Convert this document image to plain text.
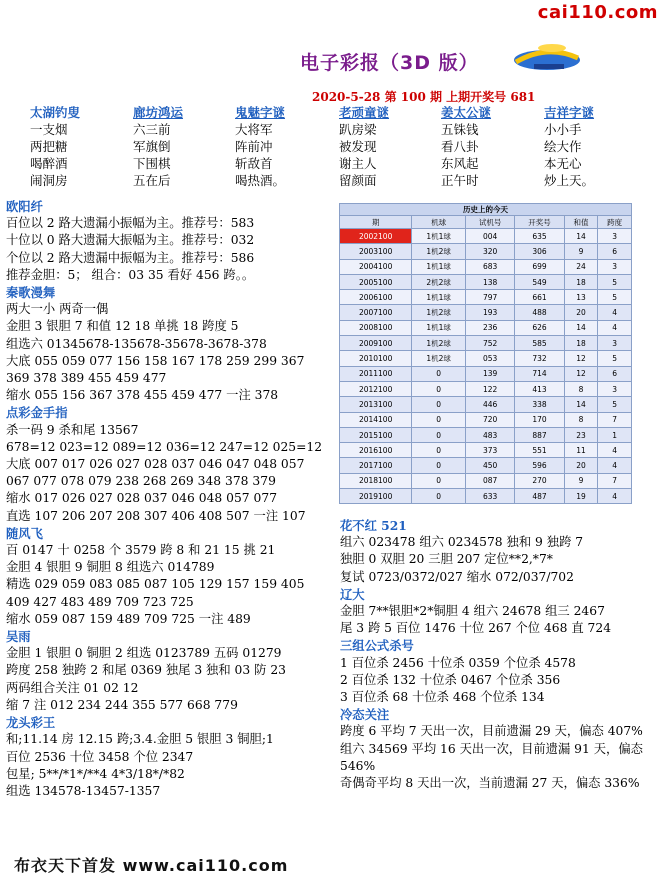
cai110.com
电子彩报（3D 版）
2020-5-28 第 100 期 上期开奖号 681
太湖钓叟	廊坊鸿运	鬼魅字谜	老顽童谜	姜太公谜	吉祥字谜
一支烟	六三前	大将军	趴房梁	五铢钱	小小手
两把糖	军旗倒	阵前冲	被发现	看八卦	绘大作
喝醉酒	下围棋	斩敌首	谢主人	东风起	本无心
闹洞房	五在后	喝热酒。	留颜面	正午时	炒上天。
欧阳纤
百位以 2 路大遗漏小振幅为主。推荐号：583
十位以 0 路大遗漏大振幅为主。推荐号：032
个位以 2 路大遗漏中振幅为主。推荐号：586
推荐金胆：5； 组合：03 35 看好 456 跨。。
秦歌漫舞
两大一小 两奇一偶
金胆 3 银胆 7 和值 12 18 单挑 18 跨度 5
组选六 01345678-135678-35678-3678-378
大底 055 059 077 156 158 167 178 259 299 367
369 378 389 455 459 477
缩水 055 156 367 378 455 459 477 一注 378
点彩金手指
杀一码 9 杀和尾 13567
678=12 023=12 089=12 036=12 247=12 025=12
大底 007 017 026 027 028 037 046 047 048 057
067 077 078 079 238 268 269 348 378 379
缩水 017 026 027 028 037 046 048 057 077
直选 107 206 207 208 307 406 408 507 一注 107
随风飞
百 0147 十 0258 个 3579 跨 8 和 21 15 挑 21
金胆 4 银胆 9 铜胆 8 组选六 014789
精选 029 059 083 085 087 105 129 157 159 405
409 427 483 489 709 723 725
缩水 059 087 159 489 709 725 一注 489
吴雨
金胆 1 银胆 0 铜胆 2 组选 0123789 五码 01279
跨度 258 独跨 2 和尾 0369 独尾 3 独和 03 防 23
两码组合关注 01 02 12
缩 7 注 012 234 244 355 577 668 779
龙头彩王
和;11.14 房 12.15 跨;3.4.金胆 5 银胆 3 铜胆;1
百位 2536 十位 3458 个位 2347
包星; 5**/*1*/**4 4*3/18*/*82
组选 134578-13457-1357
历史上的今天					
期	机球	试机号	开奖号	和值	跨度
2002100	1机1球	004	635	14	3
2003100	1机2球	320	306	9	6
2004100	1机1球	683	699	24	3
2005100	2机2球	138	549	18	5
2006100	1机1球	797	661	13	5
2007100	1机2球	193	488	20	4
2008100	1机1球	236	626	14	4
2009100	1机2球	752	585	18	3
2010100	1机2球	053	732	12	5
2011100	0	139	714	12	6
2012100	0	122	413	8	3
2013100	0	446	338	14	5
2014100	0	720	170	8	7
2015100	0	483	887	23	1
2016100	0	373	551	11	4
2017100	0	450	596	20	4
2018100	0	087	270	9	7
2019100	0	633	487	19	4
花不红 521
组六 023478 组六 0234578 独和 9 独跨 7
独胆 0 双胆 20 三胆 207 定位**2,*7*
复试 0723/0372/027 缩水 072/037/702
辽大
金胆 7**银胆*2*铜胆 4 组六 24678 组三 2467
尾 3 跨 5 百位 1476 十位 267 个位 468 直 724
三组公式杀号
1 百位杀 2456 十位杀 0359 个位杀 4578
2 百位杀 132 十位杀 0467 个位杀 356
3 百位杀 68 十位杀 468 个位杀 134
冷态关注
跨度 6 平均 7 天出一次，目前遗漏 29 天，偏态 407%
组六 34569 平均 16 天出一次，目前遗漏 91 天，偏态 546%
奇偶奇平均 8 天出一次，当前遗漏 27 天，偏态 336%
布衣天下首发 www.cai110.com
